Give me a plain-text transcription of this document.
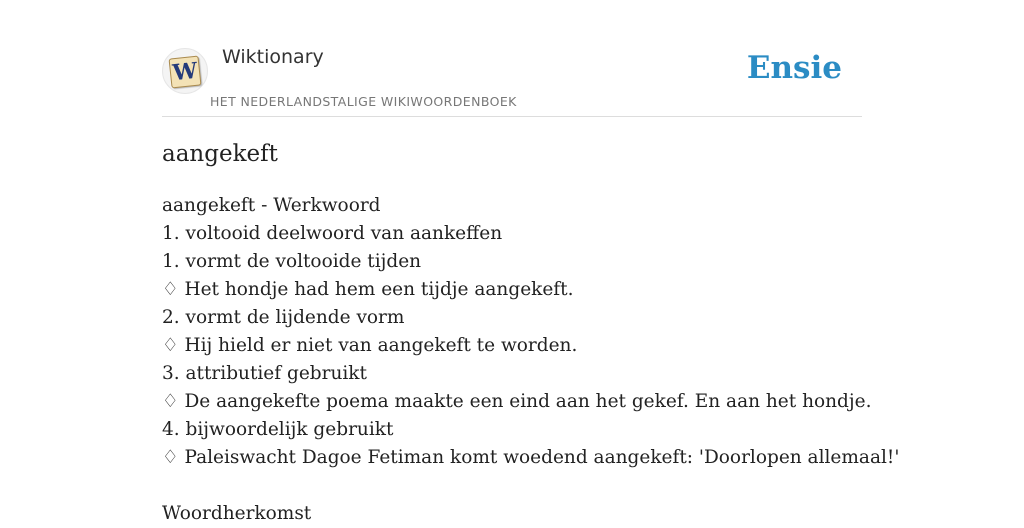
W
Wiktionary
HET NEDERLANDSTALIGE WIKIWOORDENBOEK
Ensie
aangekeft
aangekeft - Werkwoord
1. voltooid deelwoord van aankeffen
1. vormt de voltooide tijden
♢ Het hondje had hem een tijdje aangekeft.
2. vormt de lijdende vorm
♢ Hij hield er niet van aangekeft te worden.
3. attributief gebruikt
♢ De aangekefte poema maakte een eind aan het gekef. En aan het hondje.
4. bijwoordelijk gebruikt
♢ Paleiswacht Dagoe Fetiman komt woedend aangekeft: 'Doorlopen allemaal!'
Woordherkomst
